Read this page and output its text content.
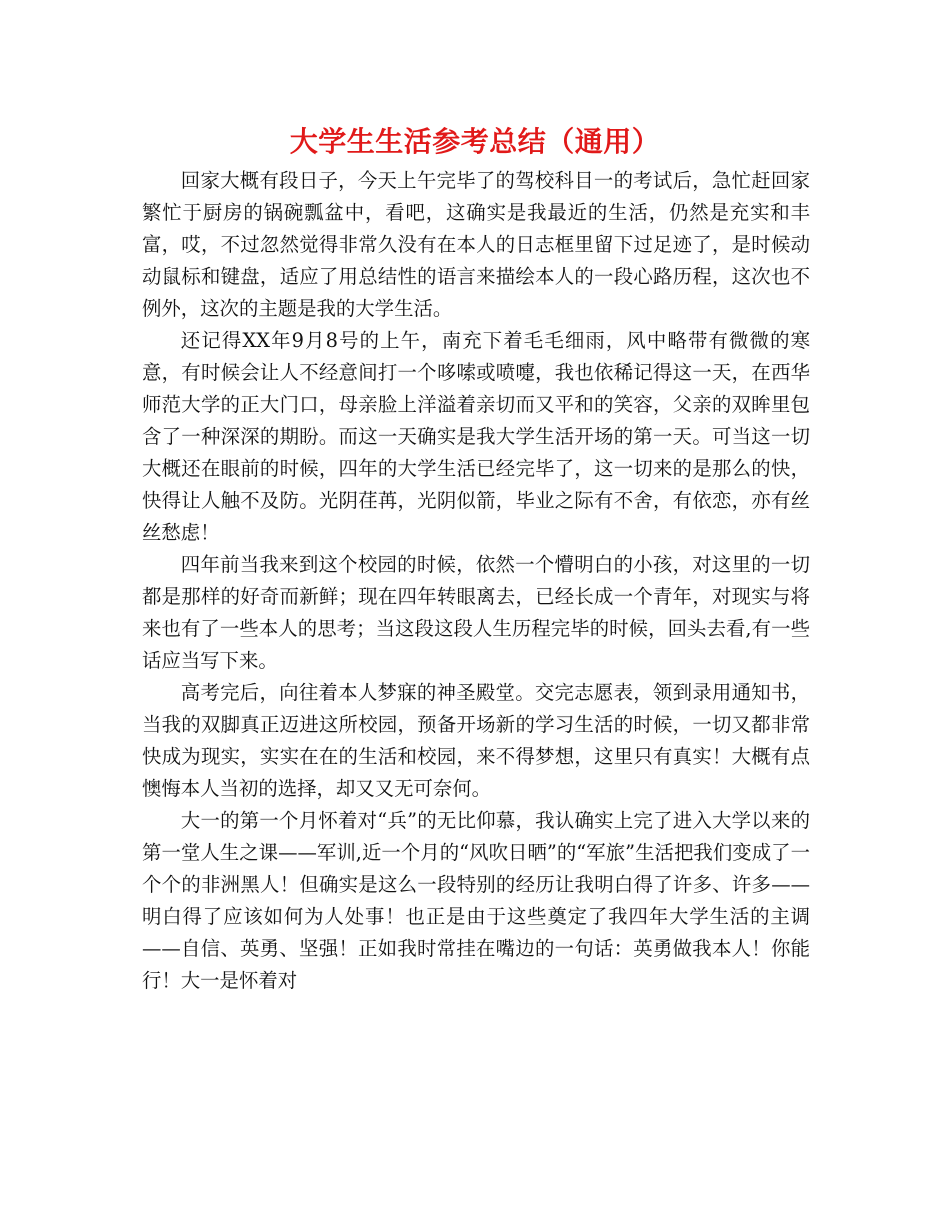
大学生生活参考总结（通用）

回家大概有段日子，今天上午完毕了的驾校科目一的考试后，急忙赶回家繁忙于厨房的锅碗瓢盆中，看吧，这确实是我最近的生活，仍然是充实和丰富，哎，不过忽然觉得非常久没有在本人的日志框里留下过足迹了，是时候动动鼠标和键盘，适应了用总结性的语言来描绘本人的一段心路历程，这次也不例外，这次的主题是我的大学生活。

还记得XX年9月8号的上午，南充下着毛毛细雨，风中略带有微微的寒意，有时候会让人不经意间打一个哆嗦或喷嚏，我也依稀记得这一天，在西华师范大学的正大门口，母亲脸上洋溢着亲切而又平和的笑容，父亲的双眸里包含了一种深深的期盼。而这一天确实是我大学生活开场的第一天。可当这一切大概还在眼前的时候，四年的大学生活已经完毕了，这一切来的是那么的快，快得让人触不及防。光阴荏苒，光阴似箭，毕业之际有不舍，有依恋，亦有丝丝愁虑！

四年前当我来到这个校园的时候，依然一个懵明白的小孩，对这里的一切都是那样的好奇而新鲜；现在四年转眼离去，已经长成一个青年，对现实与将来也有了一些本人的思考；当这段这段人生历程完毕的时候，回头去看,有一些话应当写下来。

高考完后，向往着本人梦寐的神圣殿堂。交完志愿表，领到录用通知书，当我的双脚真正迈进这所校园，预备开场新的学习生活的时候，一切又都非常快成为现实，实实在在的生活和校园，来不得梦想，这里只有真实！大概有点懊悔本人当初的选择，却又又无可奈何。

大一的第一个月怀着对“兵”的无比仰慕，我认确实上完了进入大学以来的第一堂人生之课——军训,近一个月的“风吹日晒”的“军旅”生活把我们变成了一个个的非洲黑人！但确实是这么一段特别的经历让我明白得了许多、许多——明白得了应该如何为人处事！也正是由于这些奠定了我四年大学生活的主调——自信、英勇、坚强！正如我时常挂在嘴边的一句话：英勇做我本人！你能行！大一是怀着对
